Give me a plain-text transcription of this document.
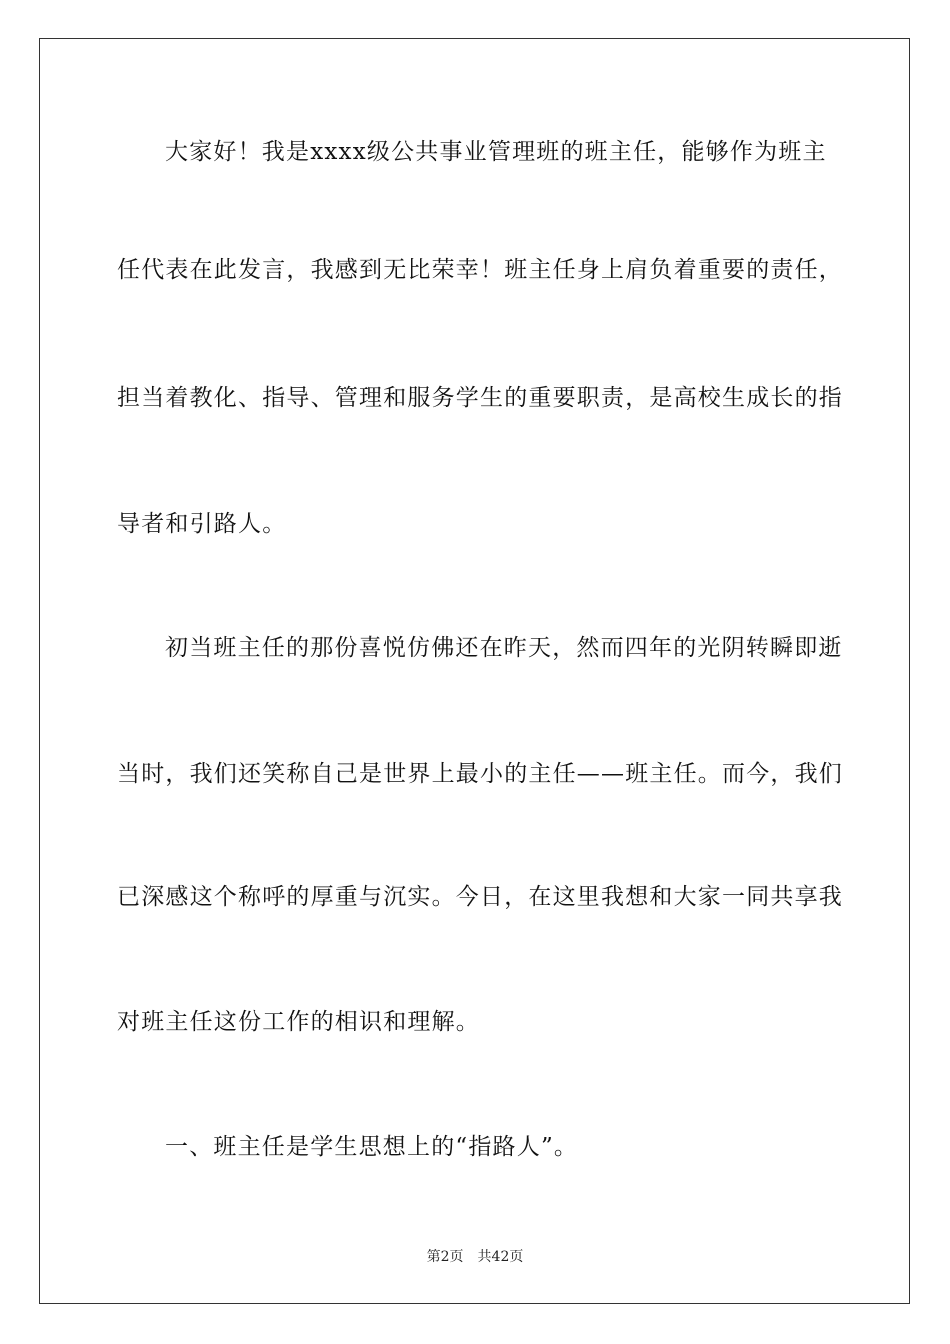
大家好！我是xxxx级公共事业管理班的班主任，能够作为班主
任代表在此发言，我感到无比荣幸！班主任身上肩负着重要的责任，
担当着教化、指导、管理和服务学生的重要职责，是高校生成长的指
导者和引路人。
初当班主任的那份喜悦仿佛还在昨天，然而四年的光阴转瞬即逝
当时，我们还笑称自己是世界上最小的主任——班主任。而今，我们
已深感这个称呼的厚重与沉实。今日，在这里我想和大家一同共享我
对班主任这份工作的相识和理解。
一、班主任是学生思想上的“指路人”。
第2页 共42页
